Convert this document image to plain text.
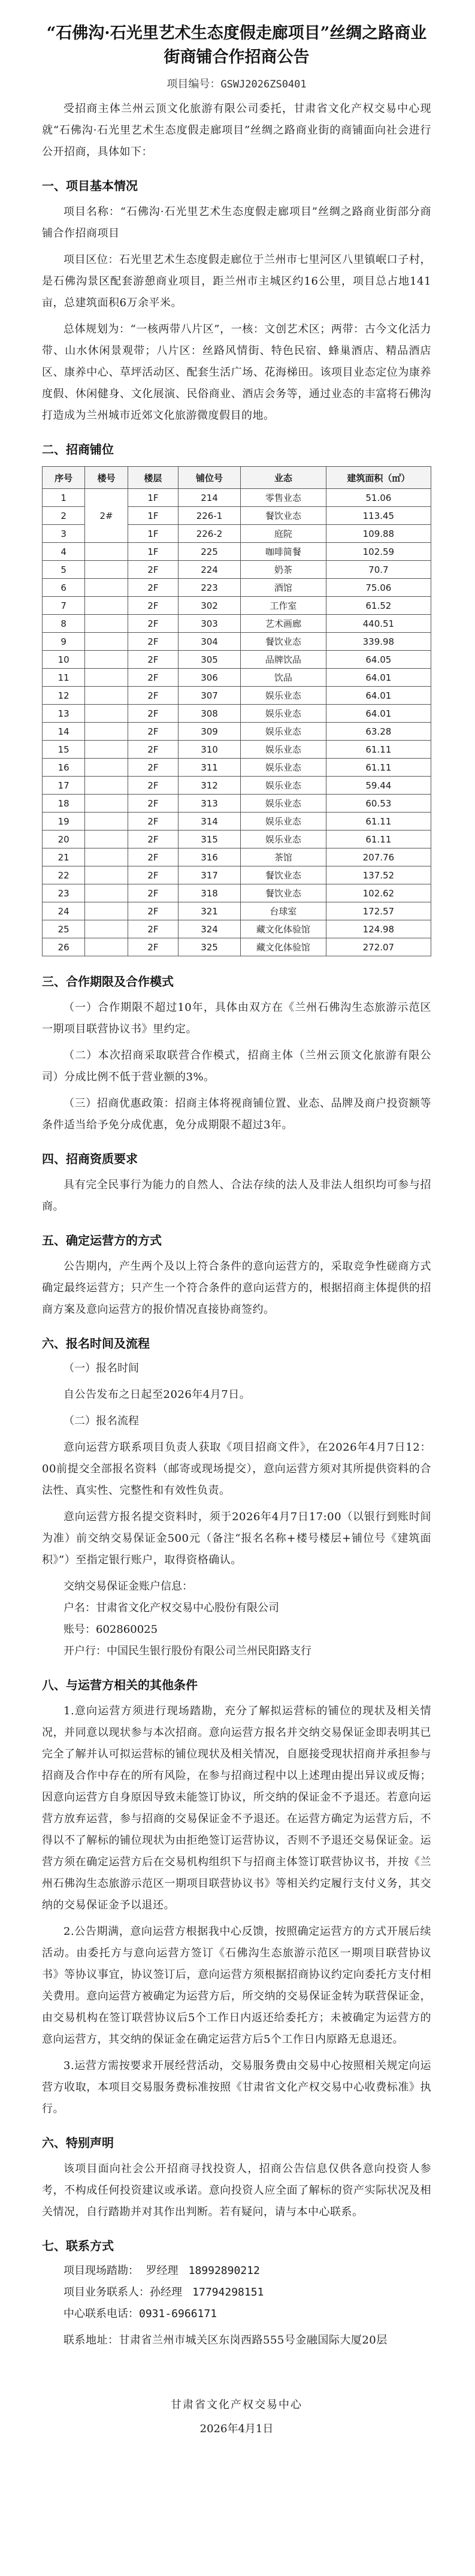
“石佛沟·石光里艺术生态度假走廊项目”丝绸之路商业街商铺合作招商公告
项目编号：GSWJ2026ZS0401

受招商主体兰州云顶文化旅游有限公司委托，甘肃省文化产权交易中心现就“石佛沟·石光里艺术生态度假走廊项目”丝绸之路商业街的商铺面向社会进行公开招商，具体如下：

一、项目基本情况

项目名称：“石佛沟·石光里艺术生态度假走廊项目”丝绸之路商业街部分商铺合作招商项目

项目区位：石光里艺术生态度假走廊位于兰州市七里河区八里镇岷口子村，是石佛沟景区配套游憩商业项目，距兰州市主城区约16公里，项目总占地141亩，总建筑面积6万余平米。

总体规划为：“一核两带八片区”，一核：文创艺术区；两带：古今文化活力带、山水休闲景观带；八片区：丝路风情街、特色民宿、蜂巢酒店、精品酒店区、康养中心、草坪活动区、配套生活广场、花海梯田。该项目业态定位为康养度假、休闲健身、文化展演、民俗商业、酒店会务等，通过业态的丰富将石佛沟打造成为兰州城市近郊文化旅游微度假目的地。

二、招商铺位
序号	楼号	楼层	铺位号	业态	建筑面积（㎡）
1	2#	1F	214	零售业态	51.06
2		1F	226-1	餐饮业态	113.45
3		1F	226-2	庭院	109.88
4		1F	225	咖啡简餐	102.59
5		2F	224	奶茶	70.7
6		2F	223	酒馆	75.06
7		2F	302	工作室	61.52
8		2F	303	艺术画廊	440.51
9		2F	304	餐饮业态	339.98
10		2F	305	品牌饮品	64.05
11		2F	306	饮品	64.01
12		2F	307	娱乐业态	64.01
13		2F	308	娱乐业态	64.01
14		2F	309	娱乐业态	63.28
15		2F	310	娱乐业态	61.11
16		2F	311	娱乐业态	61.11
17		2F	312	娱乐业态	59.44
18		2F	313	娱乐业态	60.53
19		2F	314	娱乐业态	61.11
20		2F	315	娱乐业态	61.11
21		2F	316	茶馆	207.76
22		2F	317	餐饮业态	137.52
23		2F	318	餐饮业态	102.62
24		2F	321	台球室	172.57
25		2F	324	藏文化体验馆	124.98
26		2F	325	藏文化体验馆	272.07
三、合作期限及合作模式

（一）合作期限不超过10年，具体由双方在《兰州石佛沟生态旅游示范区一期项目联营协议书》里约定。

（二）本次招商采取联营合作模式，招商主体（兰州云顶文化旅游有限公司）分成比例不低于营业额的3%。

（三）招商优惠政策：招商主体将视商铺位置、业态、品牌及商户投资额等条件适当给予免分成优惠，免分成期限不超过3年。

四、招商资质要求

具有完全民事行为能力的自然人、合法存续的法人及非法人组织均可参与招商。

五、确定运营方的方式

公告期内，产生两个及以上符合条件的意向运营方的，采取竞争性磋商方式确定最终运营方；只产生一个符合条件的意向运营方的，根据招商主体提供的招商方案及意向运营方的报价情况直接协商签约。

六、报名时间及流程
（一）报名时间

自公告发布之日起至2026年4月7日。

（二）报名流程

意向运营方联系项目负责人获取《项目招商文件》，在2026年4月7日12：00前提交全部报名资料（邮寄或现场提交），意向运营方须对其所提供资料的合法性、真实性、完整性和有效性负责。

意向运营方报名提交资料时，须于2026年4月7日17:00（以银行到账时间为准）前交纳交易保证金500元（备注“报名名称+楼号楼层+铺位号《建筑面积》”）至指定银行账户，取得资格确认。

交纳交易保证金账户信息：

户名：甘肃省文化产权交易中心股份有限公司

账号：602860025

开户行：中国民生银行股份有限公司兰州民阳路支行

八、与运营方相关的其他条件

1.意向运营方须进行现场踏勘，充分了解拟运营标的铺位的现状及相关情况，并同意以现状参与本次招商。意向运营方报名并交纳交易保证金即表明其已完全了解并认可拟运营标的铺位现状及相关情况，自愿接受现状招商并承担参与招商及合作中存在的所有风险，在参与招商过程中以上述理由提出异议或反悔；因意向运营方自身原因导致未能签订协议，所交纳的保证金不予退还。若意向运营方放弃运营，参与招商的交易保证金不予退还。在运营方确定为运营方后，不得以不了解标的铺位现状为由拒绝签订运营协议，否则不予退还交易保证金。运营方须在确定运营方后在交易机构组织下与招商主体签订联营协议书，并按《兰州石佛沟生态旅游示范区一期项目联营协议书》等相关约定履行支付义务，其交纳的交易保证金予以退还。

2.公告期满，意向运营方根据我中心反馈，按照确定运营方的方式开展后续活动。由委托方与意向运营方签订《石佛沟生态旅游示范区一期项目联营协议书》等协议事宜，协议签订后，意向运营方须根据招商协议约定向委托方支付相关费用。意向运营方被确定为运营方后，所交纳的交易保证金转为联营保证金，由交易机构在签订联营协议后5个工作日内返还给委托方；未被确定为运营方的意向运营方，其交纳的保证金在确定运营方后5个工作日内原路无息退还。

3.运营方需按要求开展经营活动，交易服务费由交易中心按照相关规定向运营方收取，本项目交易服务费标准按照《甘肃省文化产权交易中心收费标准》执行。

六、特别声明

该项目面向社会公开招商寻找投资人，招商公告信息仅供各意向投资人参考，不构成任何投资建议或承诺。意向投资人应全面了解标的资产实际状况及相关情况，自行踏勘并对其作出判断。若有疑问，请与本中心联系。

七、联系方式

项目现场踏勘： 罗经理 18992890212

项目业务联系人：孙经理 17794298151

中心联系电话：0931-6966171

联系地址：甘肃省兰州市城关区东岗西路555号金融国际大厦20层

甘肃省文化产权交易中心
2026年4月1日
